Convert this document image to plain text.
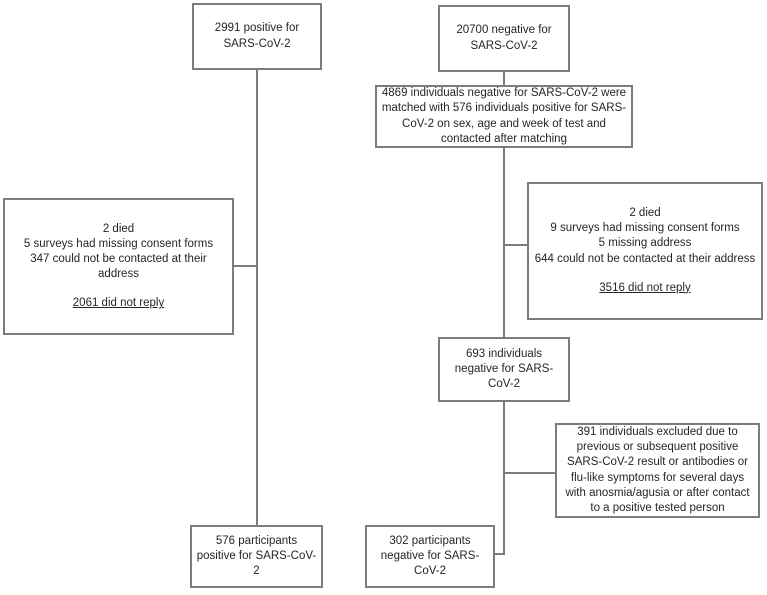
2991 positive for SARS-CoV-2
20700 negative for SARS-CoV-2
4869 individuals negative for SARS-CoV-2 were matched with 576 individuals positive for SARS-CoV-2 on sex, age and week of test and contacted after matching
2 died
5 surveys had missing consent forms
347 could not be contacted at their address
2061 did not reply
2 died
9 surveys had missing consent forms
5 missing address
644 could not be contacted at their address
3516 did not reply
693 individuals negative for SARS-CoV-2
391 individuals excluded due to previous or subsequent positive SARS-CoV-2 result or antibodies or flu-like symptoms for several days with anosmia/agusia or after contact to a positive tested person
576 participants positive for SARS-CoV-2
302 participants negative for SARS-CoV-2
